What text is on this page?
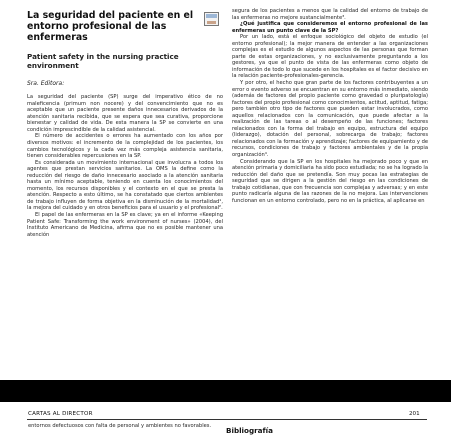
La seguridad del paciente en el entorno profesional de las enfermeras
Patient safety in the nursing practice environment
Sra. Editora:

La seguridad del paciente (SP) surge del imperativo ético de no maleficencia (primum non nocere) y del convencimiento que no es aceptable que un paciente presente daños innecesarios derivados de la atención sanitaria recibida, que se espera que sea curativa, proporcione bienestar y calidad de vida. De esta manera la SP se convierte en una condición imprescindible de la calidad asistencial.

El número de accidentes o errores ha aumentado con los años por diversos motivos: el incremento de la complejidad de los pacientes, los cambios tecnológicos y la cada vez más compleja asistencia sanitaria, tienen considerables repercusiones en la SP.

Es considerada un movimiento internacional que involucra a todos los agentes que prestan servicios sanitarios. La OMS la define como la reducción del riesgo de daño innecesario asociado a la atención sanitaria hasta un mínimo aceptable, teniendo en cuenta los conocimientos del momento, los recursos disponibles y el contexto en el que se presta la atención. Respecto a esto último, se ha constatado que ciertos ambientes de trabajo influyen de forma objetiva en la disminución de la mortalidad¹, la mejora del cuidado y en otros beneficios para el usuario y el profesional².

El papel de las enfermeras en la SP es clave; ya en el informe «Keeping Patient Safe: Transforming the work environment of nurses» (2004), del Instituto Americano de Medicina, afirma que no es posible mantener una atención

segura de los pacientes a menos que la calidad del entorno de trabajo de las enfermeras no mejore sustancialmente³.

¿Qué justifica que consideremos el entorno profesional de las enfermeras un punto clave de la SP?

Por un lado, está el enfoque sociológico del objeto de estudio (el entorno profesional); la mejor manera de entender a las organizaciones complejas es el estudio de algunos aspectos de las personas que forman parte de estas organizaciones, y no exclusivamente preguntando a los gestores, ya que el punto de vista de las enfermeras como objeto de información de todo lo que sucede en los hospitales es el factor decisivo en la relación paciente-profesionales-gerencia.

Y por otro, el hecho que gran parte de los factores contribuyentes a un error o evento adverso se encuentran en su entorno más inmediato, siendo (además de factores del propio paciente como gravedad o pluripatología) factores del propio profesional como conocimientos, actitud, aptitud, fatiga; pero también otro tipo de factores que pueden estar involucrados, como aquellos relacionados con la comunicación, que puede afectar a la realización de las tareas o al desempeño de las funciones; factores relacionados con la forma del trabajo en equipo, estructura del equipo (liderazgo), dotación del personal, sobrecarga de trabajo; factores relacionados con la formación y aprendizaje; factores de equipamiento y de recursos, condiciones de trabajo y factores ambientales y de la propia organización⁴.

Considerando que la SP en los hospitales ha mejorado poco y que en atención primaria y domiciliaria ha sido poco estudiada; no se ha logrado la reducción del daño que se pretendía. Son muy pocas las estrategias de seguridad que se dirigen a la gestión del riesgo en las condiciones de trabajo cotidianas, que con frecuencia son complejas y adversas; y en este punto radicaría alguna de las razones de la no mejora. Las intervenciones funcionan en un entorno controlado, pero no en la práctica, al aplicarse en

CARTAS AL DIRECTOR	201
entornos defectuosos con falta de personal y ambientes no favorables.	Bibliografía
